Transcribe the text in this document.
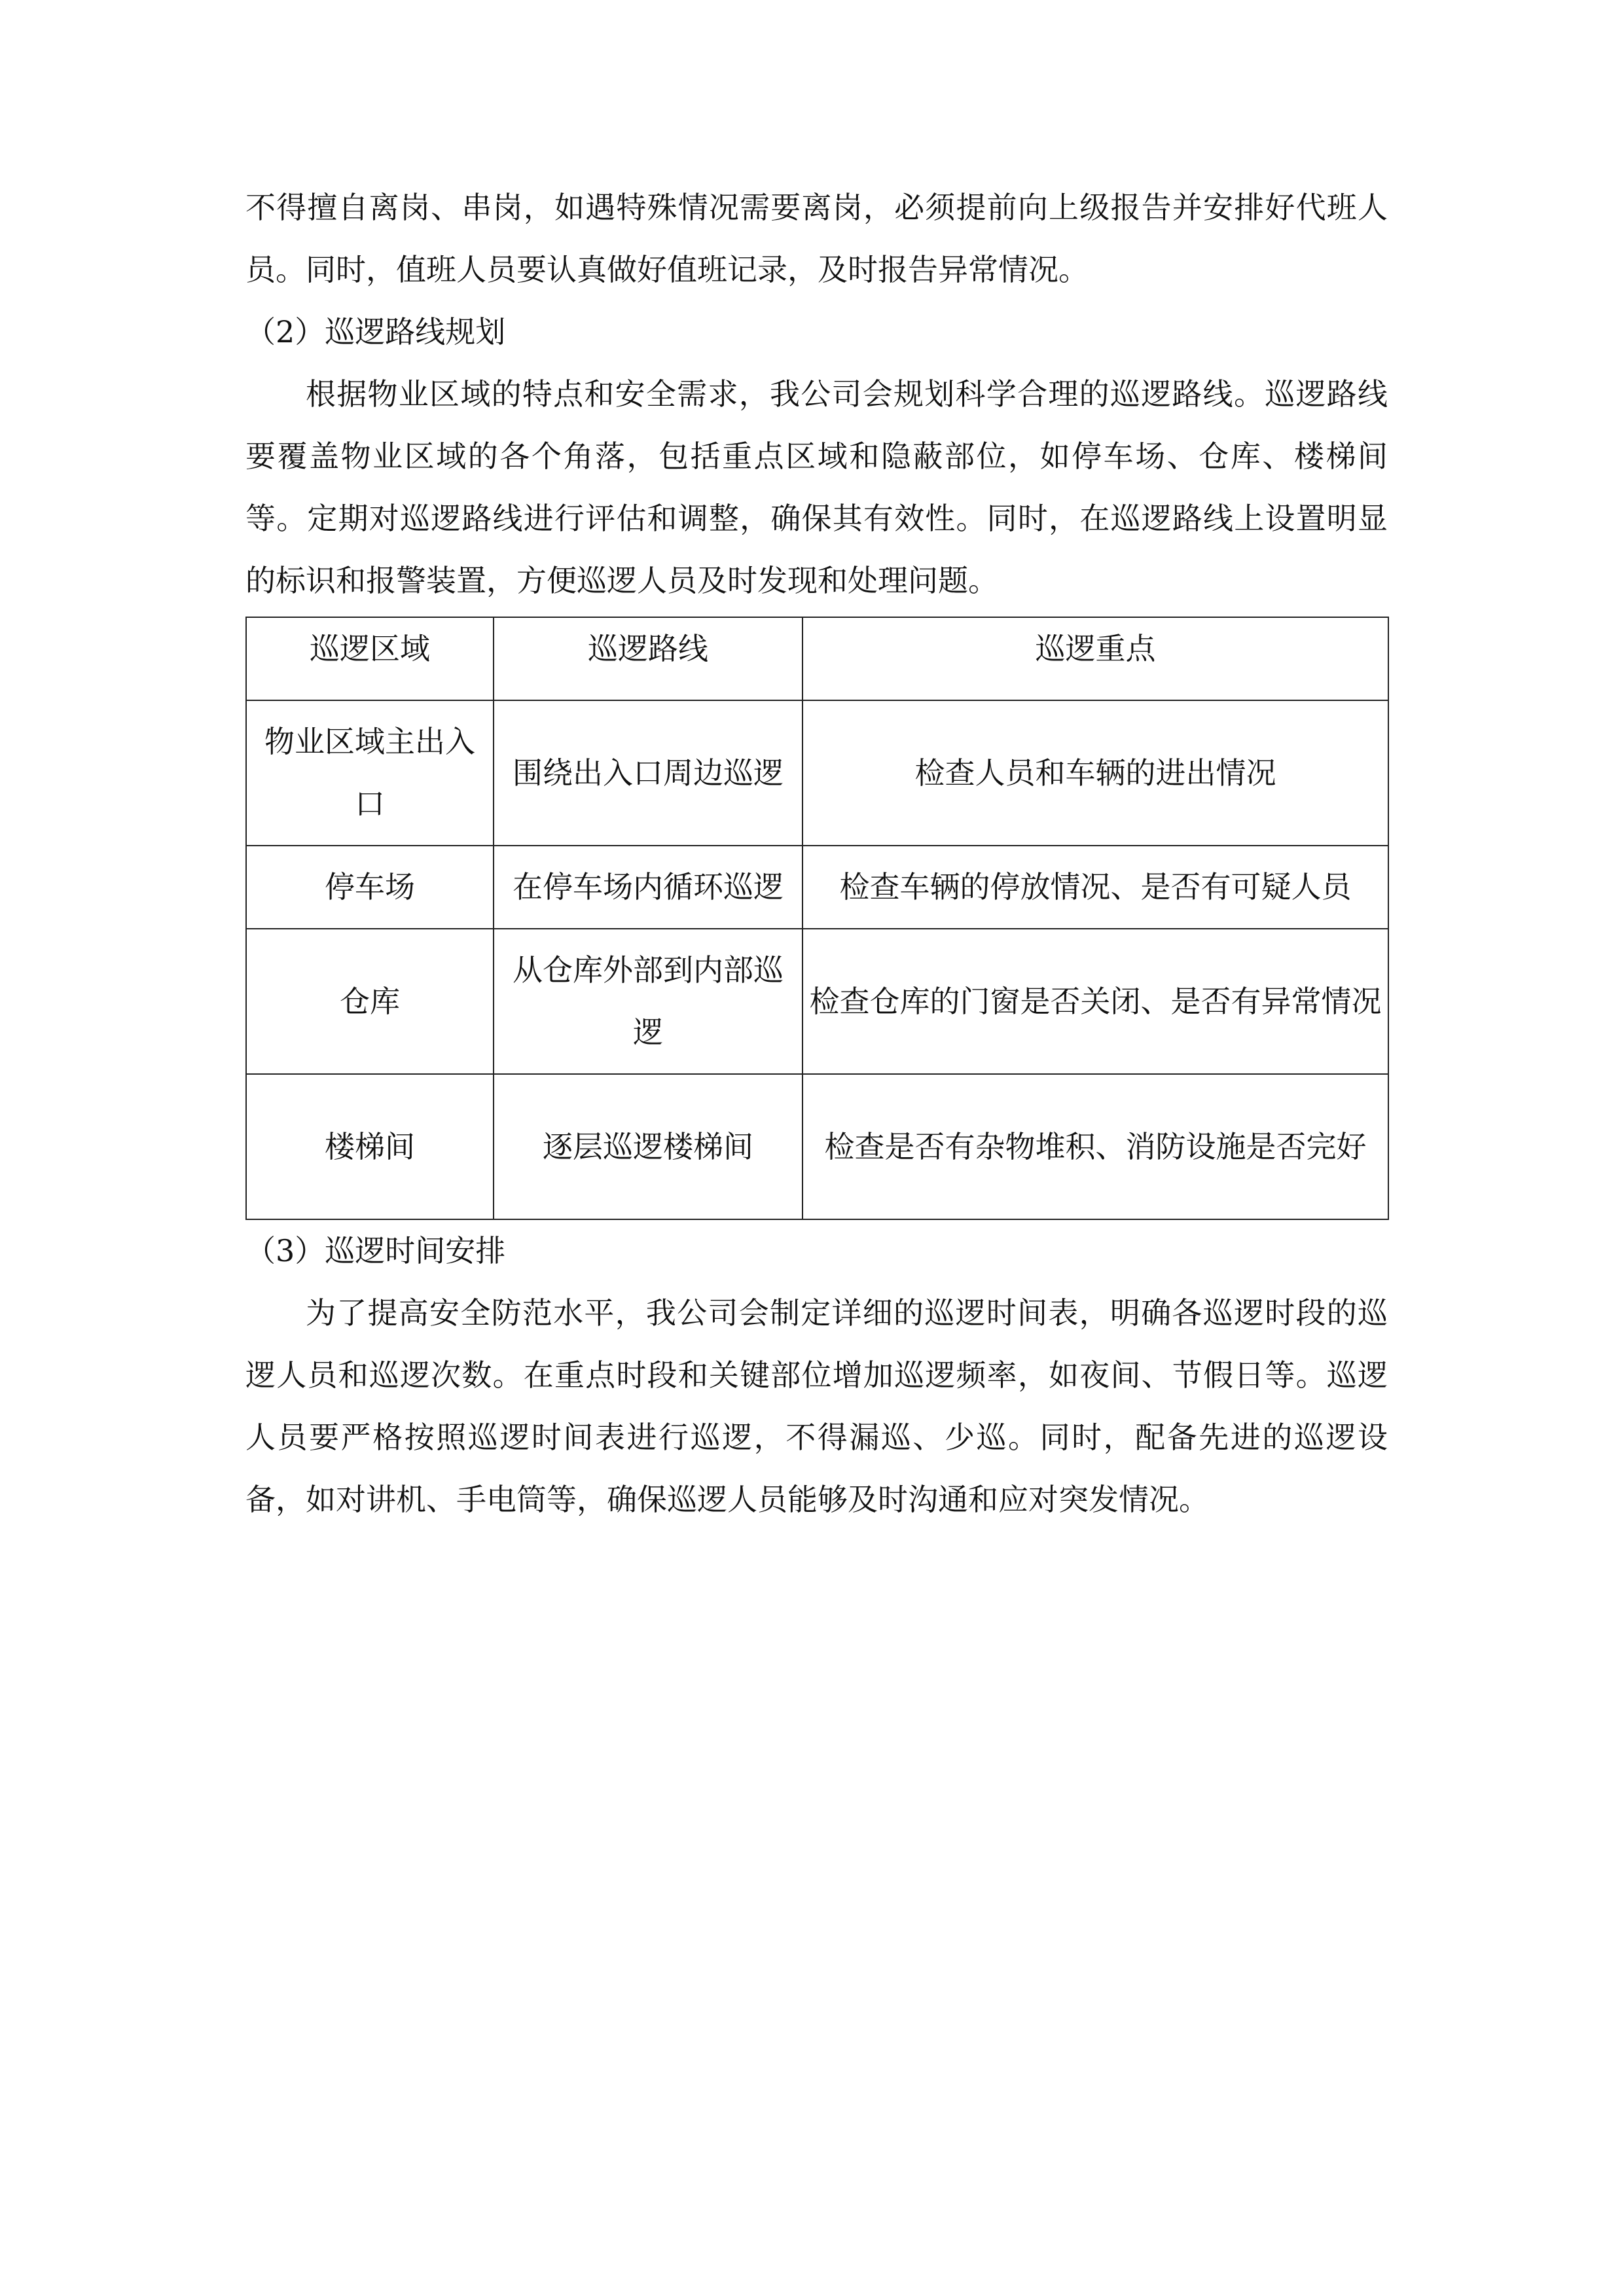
不得擅自离岗、串岗，如遇特殊情况需要离岗，必须提前向上级报告并安排好代班人员。同时，值班人员要认真做好值班记录，及时报告异常情况。

（2）巡逻路线规划

根据物业区域的特点和安全需求，我公司会规划科学合理的巡逻路线。巡逻路线要覆盖物业区域的各个角落，包括重点区域和隐蔽部位，如停车场、仓库、楼梯间等。定期对巡逻路线进行评估和调整，确保其有效性。同时，在巡逻路线上设置明显的标识和报警装置，方便巡逻人员及时发现和处理问题。

巡逻区域	巡逻路线	巡逻重点
物业区域主出入口	围绕出入口周边巡逻	检查人员和车辆的进出情况
停车场	在停车场内循环巡逻	检查车辆的停放情况、是否有可疑人员
仓库	从仓库外部到内部巡逻	检查仓库的门窗是否关闭、是否有异常情况
楼梯间	逐层巡逻楼梯间	检查是否有杂物堆积、消防设施是否完好

（3）巡逻时间安排

为了提高安全防范水平，我公司会制定详细的巡逻时间表，明确各巡逻时段的巡逻人员和巡逻次数。在重点时段和关键部位增加巡逻频率，如夜间、节假日等。巡逻人员要严格按照巡逻时间表进行巡逻，不得漏巡、少巡。同时，配备先进的巡逻设备，如对讲机、手电筒等，确保巡逻人员能够及时沟通和应对突发情况。
